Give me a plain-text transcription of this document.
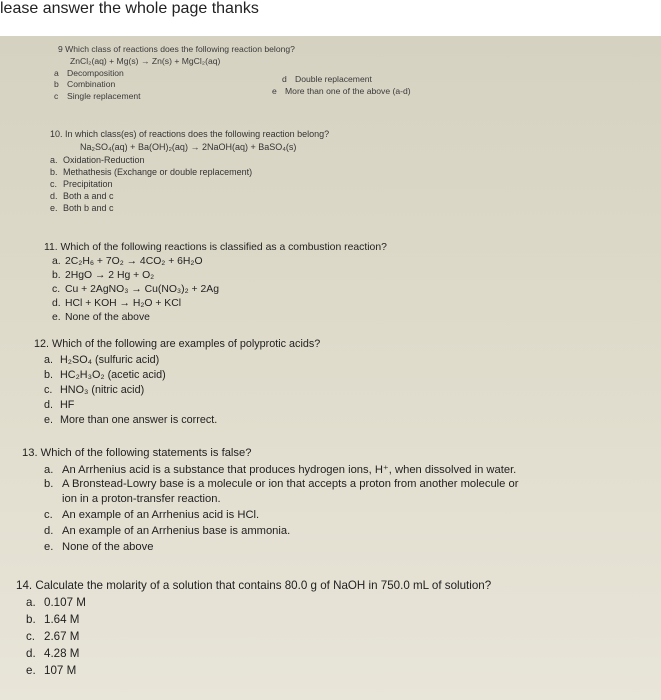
lease answer the whole page thanks
9 Which class of reactions does the following reaction belong?
ZnCl₂(aq) + Mg(s) → Zn(s) + MgCl₂(aq)
a Decomposition
b Combination
c Single replacement
d Double replacement
e More than one of the above (a-d)
10. In which class(es) of reactions does the following reaction belong?
Na₂SO₄(aq) + Ba(OH)₂(aq) → 2NaOH(aq) + BaSO₄(s)
a. Oxidation-Reduction
b. Methathesis (Exchange or double replacement)
c. Precipitation
d. Both a and c
e. Both b and c
11. Which of the following reactions is classified as a combustion reaction?
a. 2C₂H₆ + 7O₂ → 4CO₂ + 6H₂O
b. 2HgO → 2 Hg + O₂
c. Cu + 2AgNO₃ → Cu(NO₃)₂ + 2Ag
d. HCl + KOH → H₂O + KCl
e. None of the above
12. Which of the following are examples of polyprotic acids?
a. H₂SO₄ (sulfuric acid)
b. HC₂H₃O₂ (acetic acid)
c. HNO₃ (nitric acid)
d. HF
e. More than one answer is correct.
13. Which of the following statements is false?
a. An Arrhenius acid is a substance that produces hydrogen ions, H⁺, when dissolved in water.
b. A Bronstead-Lowry base is a molecule or ion that accepts a proton from another molecule or
ion in a proton-transfer reaction.
c. An example of an Arrhenius acid is HCl.
d. An example of an Arrhenius base is ammonia.
e. None of the above
14. Calculate the molarity of a solution that contains 80.0 g of NaOH in 750.0 mL of solution?
a. 0.107 M
b. 1.64 M
c. 2.67 M
d. 4.28 M
e. 107 M
